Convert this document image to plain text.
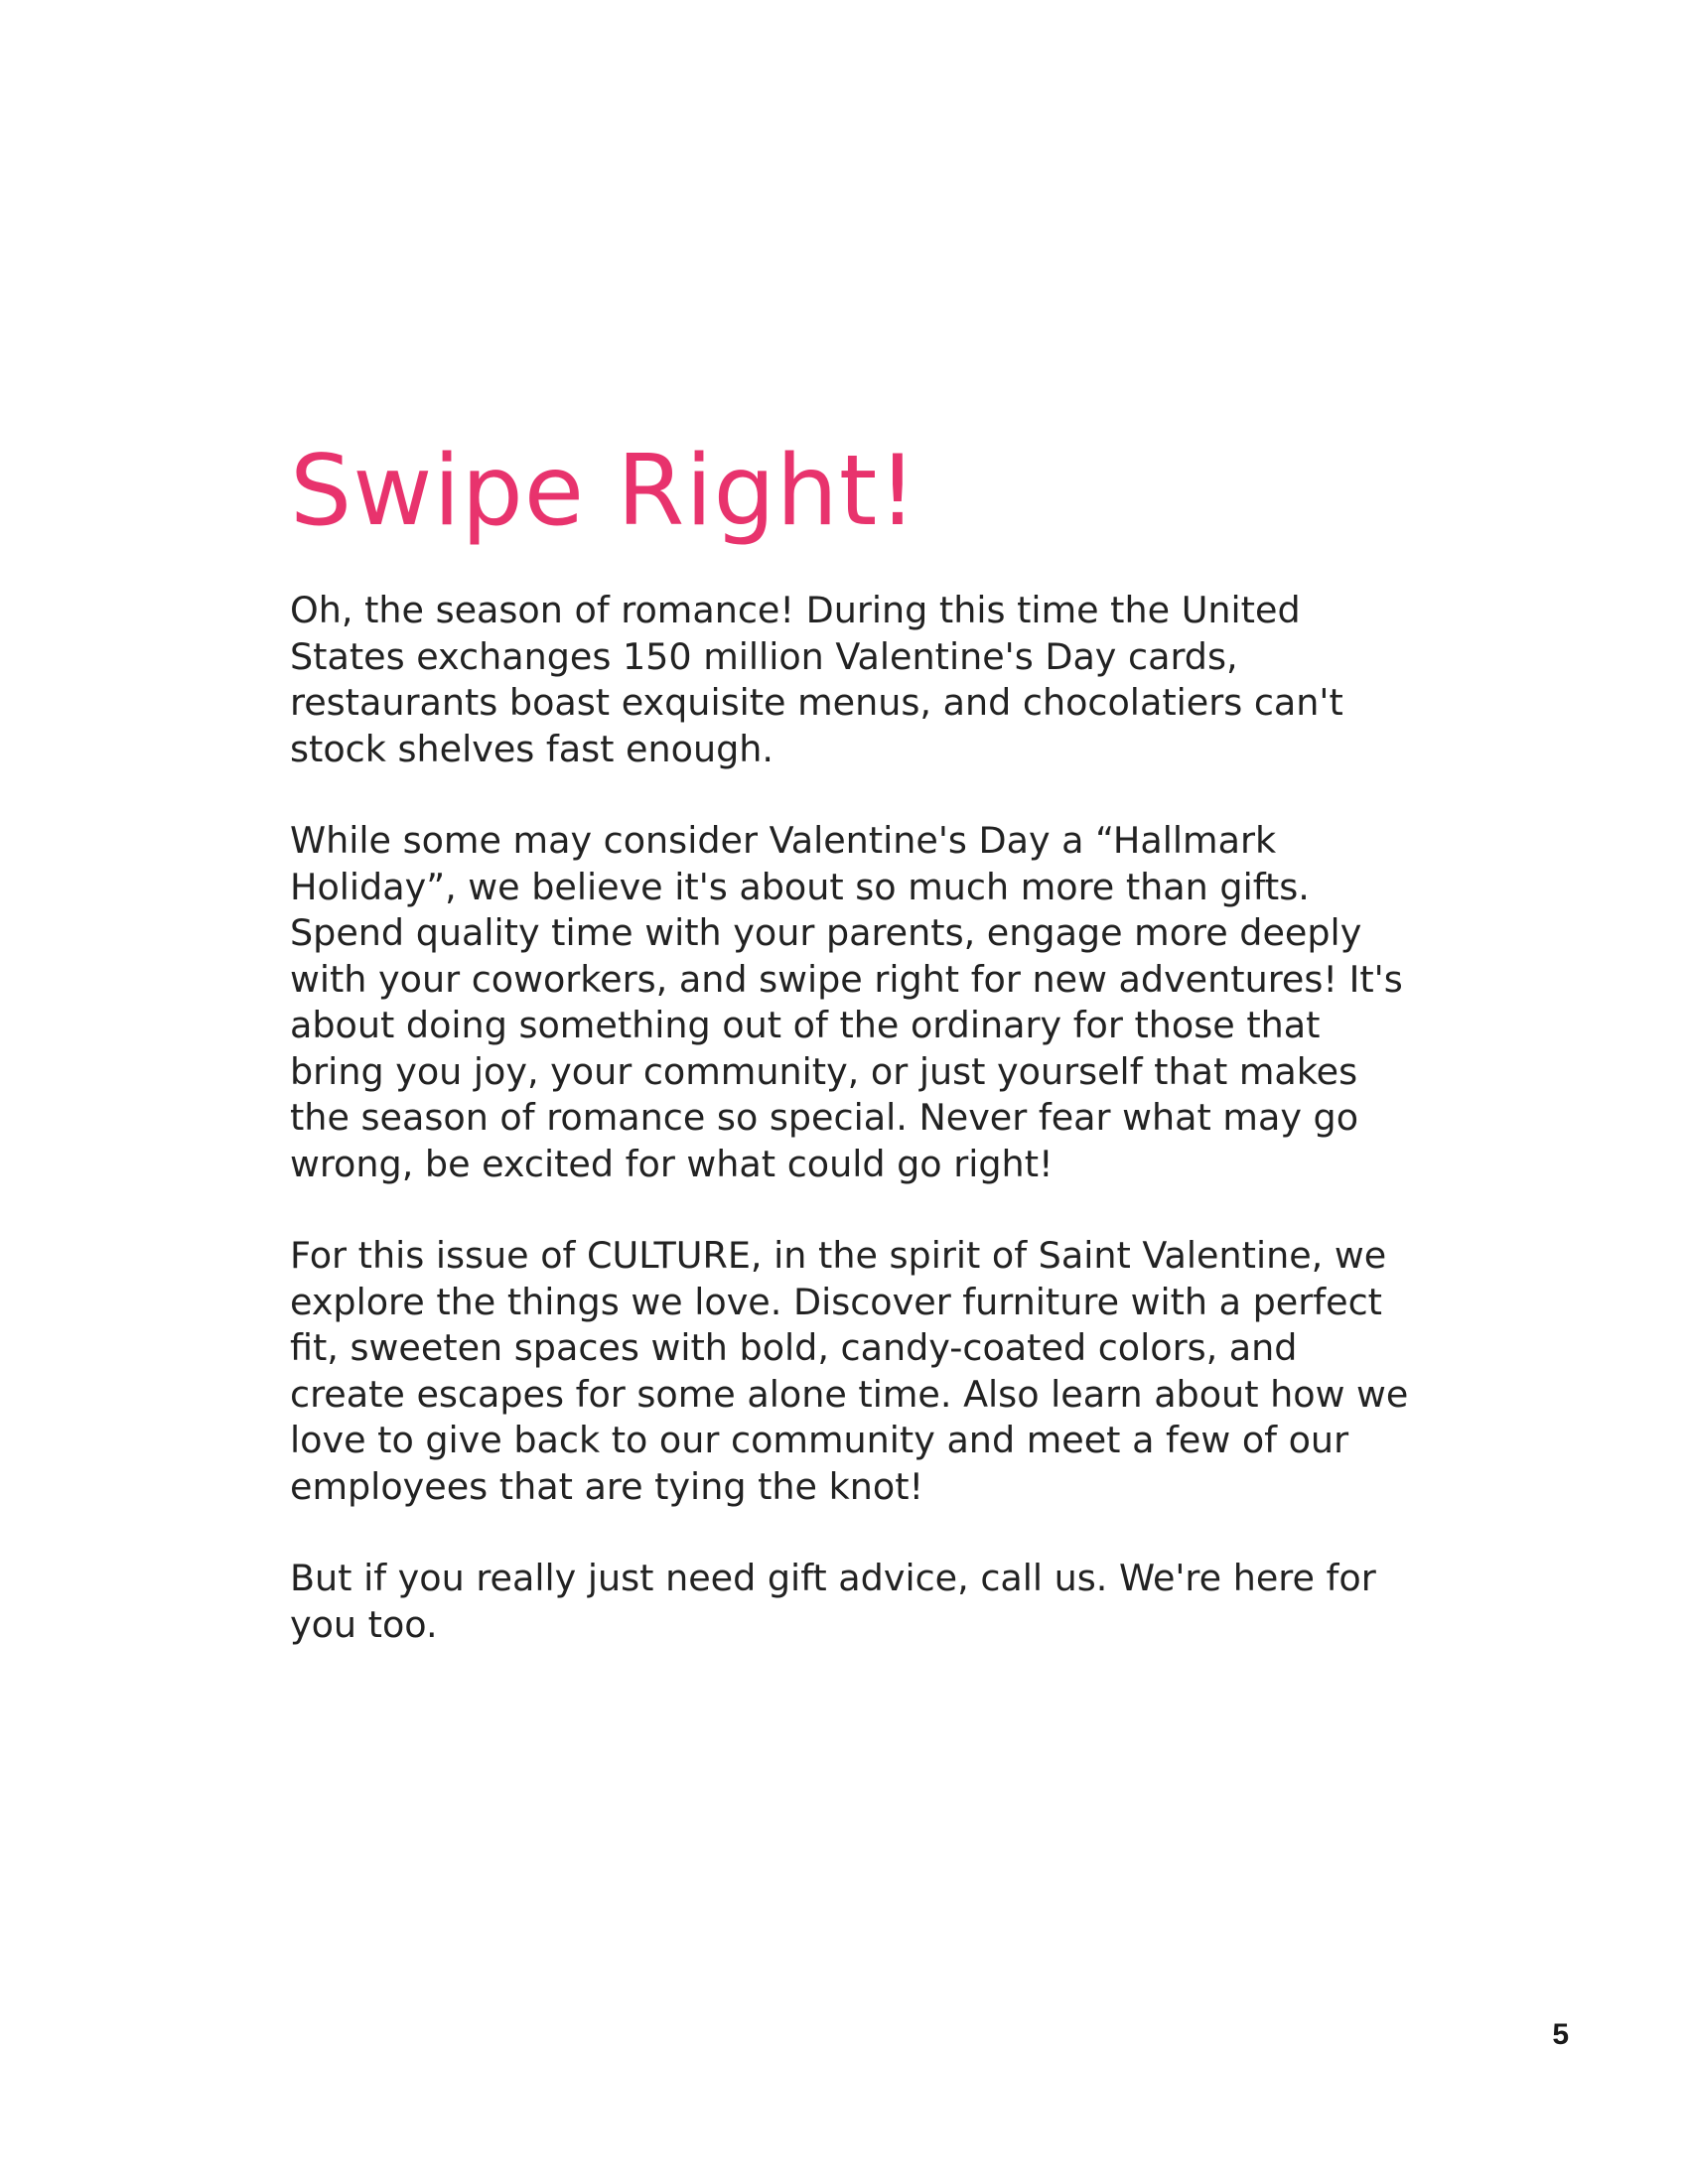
Swipe Right!

Oh, the season of romance! During this time the United States exchanges 150 million Valentine's Day cards, restaurants boast exquisite menus, and chocolatiers can't stock shelves fast enough.

While some may consider Valentine's Day a “Hallmark Holiday”, we believe it's about so much more than gifts. Spend quality time with your parents, engage more deeply with your coworkers, and swipe right for new adventures! It's about doing something out of the ordinary for those that bring you joy, your community, or just yourself that makes the season of romance so special. Never fear what may go wrong, be excited for what could go right!

For this issue of CULTURE, in the spirit of Saint Valentine, we explore the things we love. Discover furniture with a perfect fit, sweeten spaces with bold, candy-coated colors, and create escapes for some alone time. Also learn about how we love to give back to our community and meet a few of our employees that are tying the knot!

But if you really just need gift advice, call us. We're here for you too.

5
